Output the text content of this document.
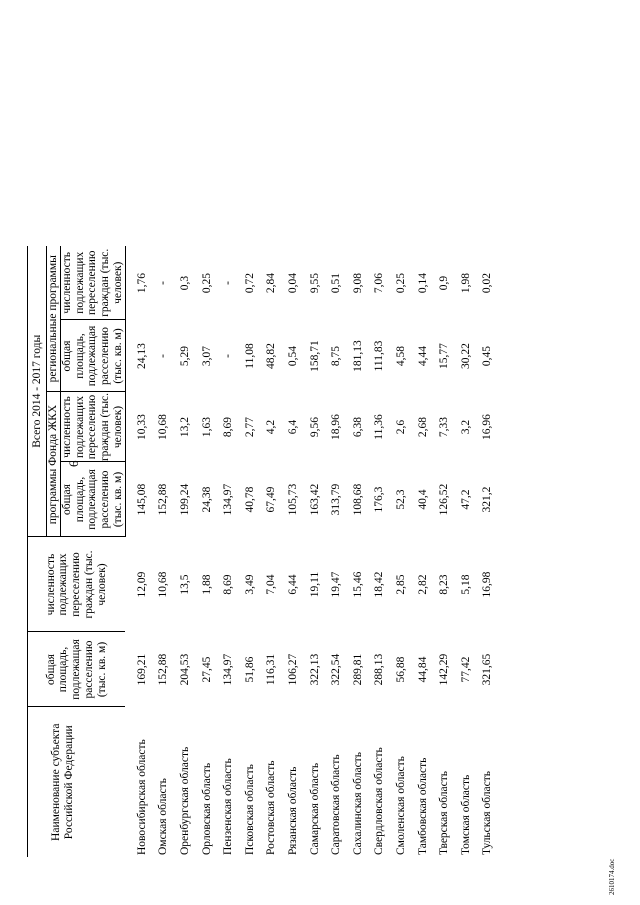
6
Наименование субъекта Российской Федерации	общая площадь, подлежащая расселению (тыс. кв. м)	численность подлежащих переселению граждан (тыс. человек)	Всего 2014 - 2017 годы			
			программы Фонда ЖКХ		региональные программы	
			общая площадь, подлежащая расселению (тыс. кв. м)	численность подлежащих переселению граждан (тыс. человек)	общая площадь, подлежащая расселению (тыс. кв. м)	численность подлежащих переселению граждан (тыс. человек)
Новосибирская область	169,21	12,09	145,08	10,33	24,13	1,76
Омская область	152,88	10,68	152,88	10,68	-	-
Оренбургская область	204,53	13,5	199,24	13,2	5,29	0,3
Орловская область	27,45	1,88	24,38	1,63	3,07	0,25
Пензенская область	134,97	8,69	134,97	8,69	-	-
Псковская область	51,86	3,49	40,78	2,77	11,08	0,72
Ростовская область	116,31	7,04	67,49	4,2	48,82	2,84
Рязанская область	106,27	6,44	105,73	6,4	0,54	0,04
Самарская область	322,13	19,11	163,42	9,56	158,71	9,55
Саратовская область	322,54	19,47	313,79	18,96	8,75	0,51
Сахалинская область	289,81	15,46	108,68	6,38	181,13	9,08
Свердловская область	288,13	18,42	176,3	11,36	111,83	7,06
Смоленская область	56,88	2,85	52,3	2,6	4,58	0,25
Тамбовская область	44,84	2,82	40,4	2,68	4,44	0,14
Тверская область	142,29	8,23	126,52	7,33	15,77	0,9
Томская область	77,42	5,18	47,2	3,2	30,22	1,98
Тульская область	321,65	16,98	321,2	16,96	0,45	0,02
2610174.doc
